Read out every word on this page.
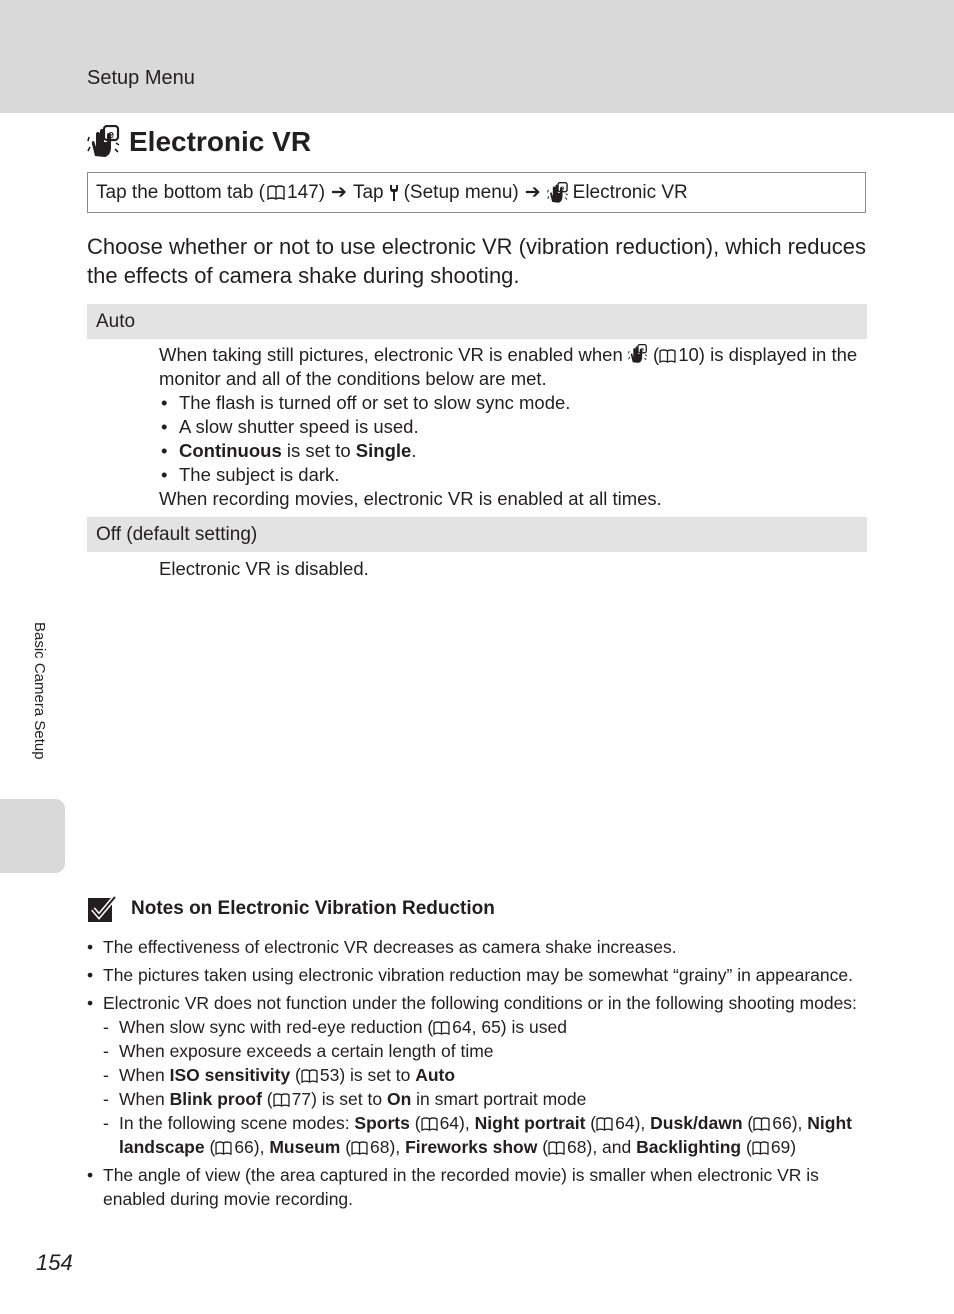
Setup Menu
Electronic VR
Tap the bottom tab ( 147 ) ➔ Tap (Setup menu) ➔ Electronic VR
Choose whether or not to use electronic VR (vibration reduction), which reduces the effects of camera shake during shooting.
Auto

When taking still pictures, electronic VR is enabled when ( 10) is displayed in the monitor and all of the conditions below are met.

• The flash is turned off or set to slow sync mode.
• A slow shutter speed is used.
• Continuous is set to Single.
• The subject is dark.

When recording movies, electronic VR is enabled at all times.

Off (default setting)

Electronic VR is disabled.

Basic Camera Setup
Notes on Electronic Vibration Reduction
• The effectiveness of electronic VR decreases as camera shake increases.
• The pictures taken using electronic vibration reduction may be somewhat “grainy” in appearance.
• Electronic VR does not function under the following conditions or in the following shooting modes:
- When slow sync with red-eye reduction ( 64, 65) is used
- When exposure exceeds a certain length of time
- When ISO sensitivity ( 53) is set to Auto
- When Blink proof ( 77) is set to On in smart portrait mode
- In the following scene modes: Sports ( 64), Night portrait ( 64), Dusk/dawn ( 66), Night landscape ( 66), Museum ( 68), Fireworks show ( 68), and Backlighting ( 69)
• The angle of view (the area captured in the recorded movie) is smaller when electronic VR is enabled during movie recording.
154
